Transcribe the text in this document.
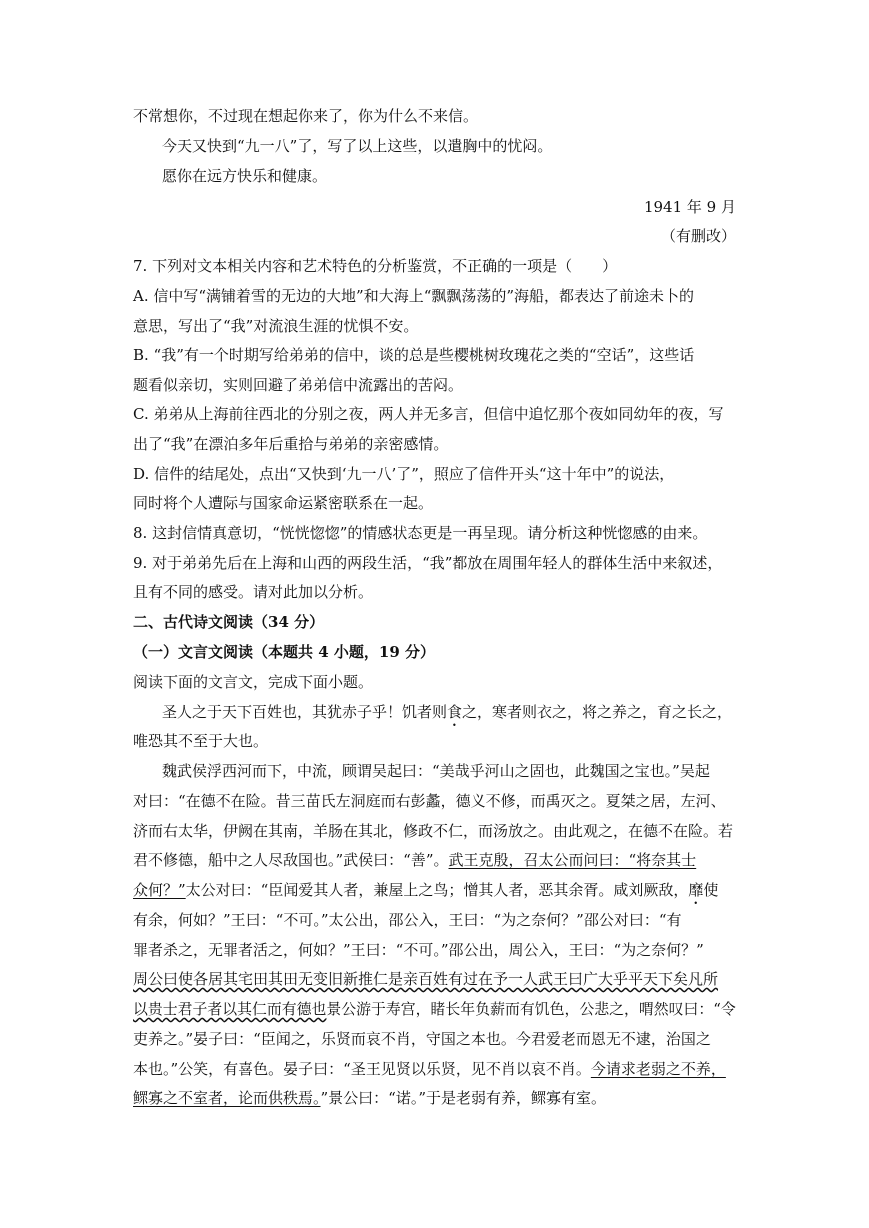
不常想你，不过现在想起你来了，你为什么不来信。
今天又快到“九一八”了，写了以上这些，以遣胸中的忧闷。
愿你在远方快乐和健康。
1941 年 9 月
（有删改）
7. 下列对文本相关内容和艺术特色的分析鉴赏，不正确的一项是（　　）
A. 信中写“满铺着雪的无边的大地”和大海上“飘飘荡荡的”海船，都表达了前途未卜的
意思，写出了“我”对流浪生涯的忧惧不安。
B. “我”有一个时期写给弟弟的信中，谈的总是些樱桃树玫瑰花之类的“空话”，这些话
题看似亲切，实则回避了弟弟信中流露出的苦闷。
C. 弟弟从上海前往西北的分别之夜，两人并无多言，但信中追忆那个夜如同幼年的夜，写
出了“我”在漂泊多年后重拾与弟弟的亲密感情。
D. 信件的结尾处，点出“又快到‘九一八’了”，照应了信件开头“这十年中”的说法，
同时将个人遭际与国家命运紧密联系在一起。
8. 这封信情真意切，“恍恍惚惚”的情感状态更是一再呈现。请分析这种恍惚感的由来。
9. 对于弟弟先后在上海和山西的两段生活，“我”都放在周围年轻人的群体生活中来叙述，
且有不同的感受。请对此加以分析。
二、古代诗文阅读（34 分）
（一）文言文阅读（本题共 4 小题，19 分）
阅读下面的文言文，完成下面小题。
圣人之于天下百姓也，其犹赤子乎！饥者则食之，寒者则衣之，将之养之，育之长之，
唯恐其不至于大也。
魏武侯浮西河而下，中流，顾谓吴起曰：“美哉乎河山之固也，此魏国之宝也。”吴起
对曰：“在德不在险。昔三苗氏左洞庭而右彭蠡，德义不修，而禹灭之。夏桀之居，左河、
济而右太华，伊阙在其南，羊肠在其北，修政不仁，而汤放之。由此观之，在德不在险。若
君不修德，船中之人尽敌国也。”武侯曰：“善”。武王克殷，召太公而问曰：“将奈其士
众何？”太公对曰：“臣闻爱其人者，兼屋上之鸟；憎其人者，恶其余胥。咸刘厥敌，靡使
有余，何如？”王曰：“不可。”太公出，邵公入，王曰：“为之奈何？”邵公对曰：“有
罪者杀之，无罪者活之，何如？”王曰：“不可。”邵公出，周公入，王曰：“为之奈何？”
周公曰使各居其宅田其田无变旧新推仁是亲百姓有过在予一人武王曰广大乎平天下矣凡所
以贵士君子者以其仁而有德也景公游于寿宫，睹长年负薪而有饥色，公悲之，喟然叹曰：“令
吏养之。”晏子曰：“臣闻之，乐贤而哀不肖，守国之本也。今君爱老而恩无不逮，治国之
本也。”公笑，有喜色。晏子曰：“圣王见贤以乐贤，见不肖以哀不肖。今请求老弱之不养，
鳏寡之不室者，论而供秩焉。”景公曰：“诺。”于是老弱有养，鳏寡有室。
